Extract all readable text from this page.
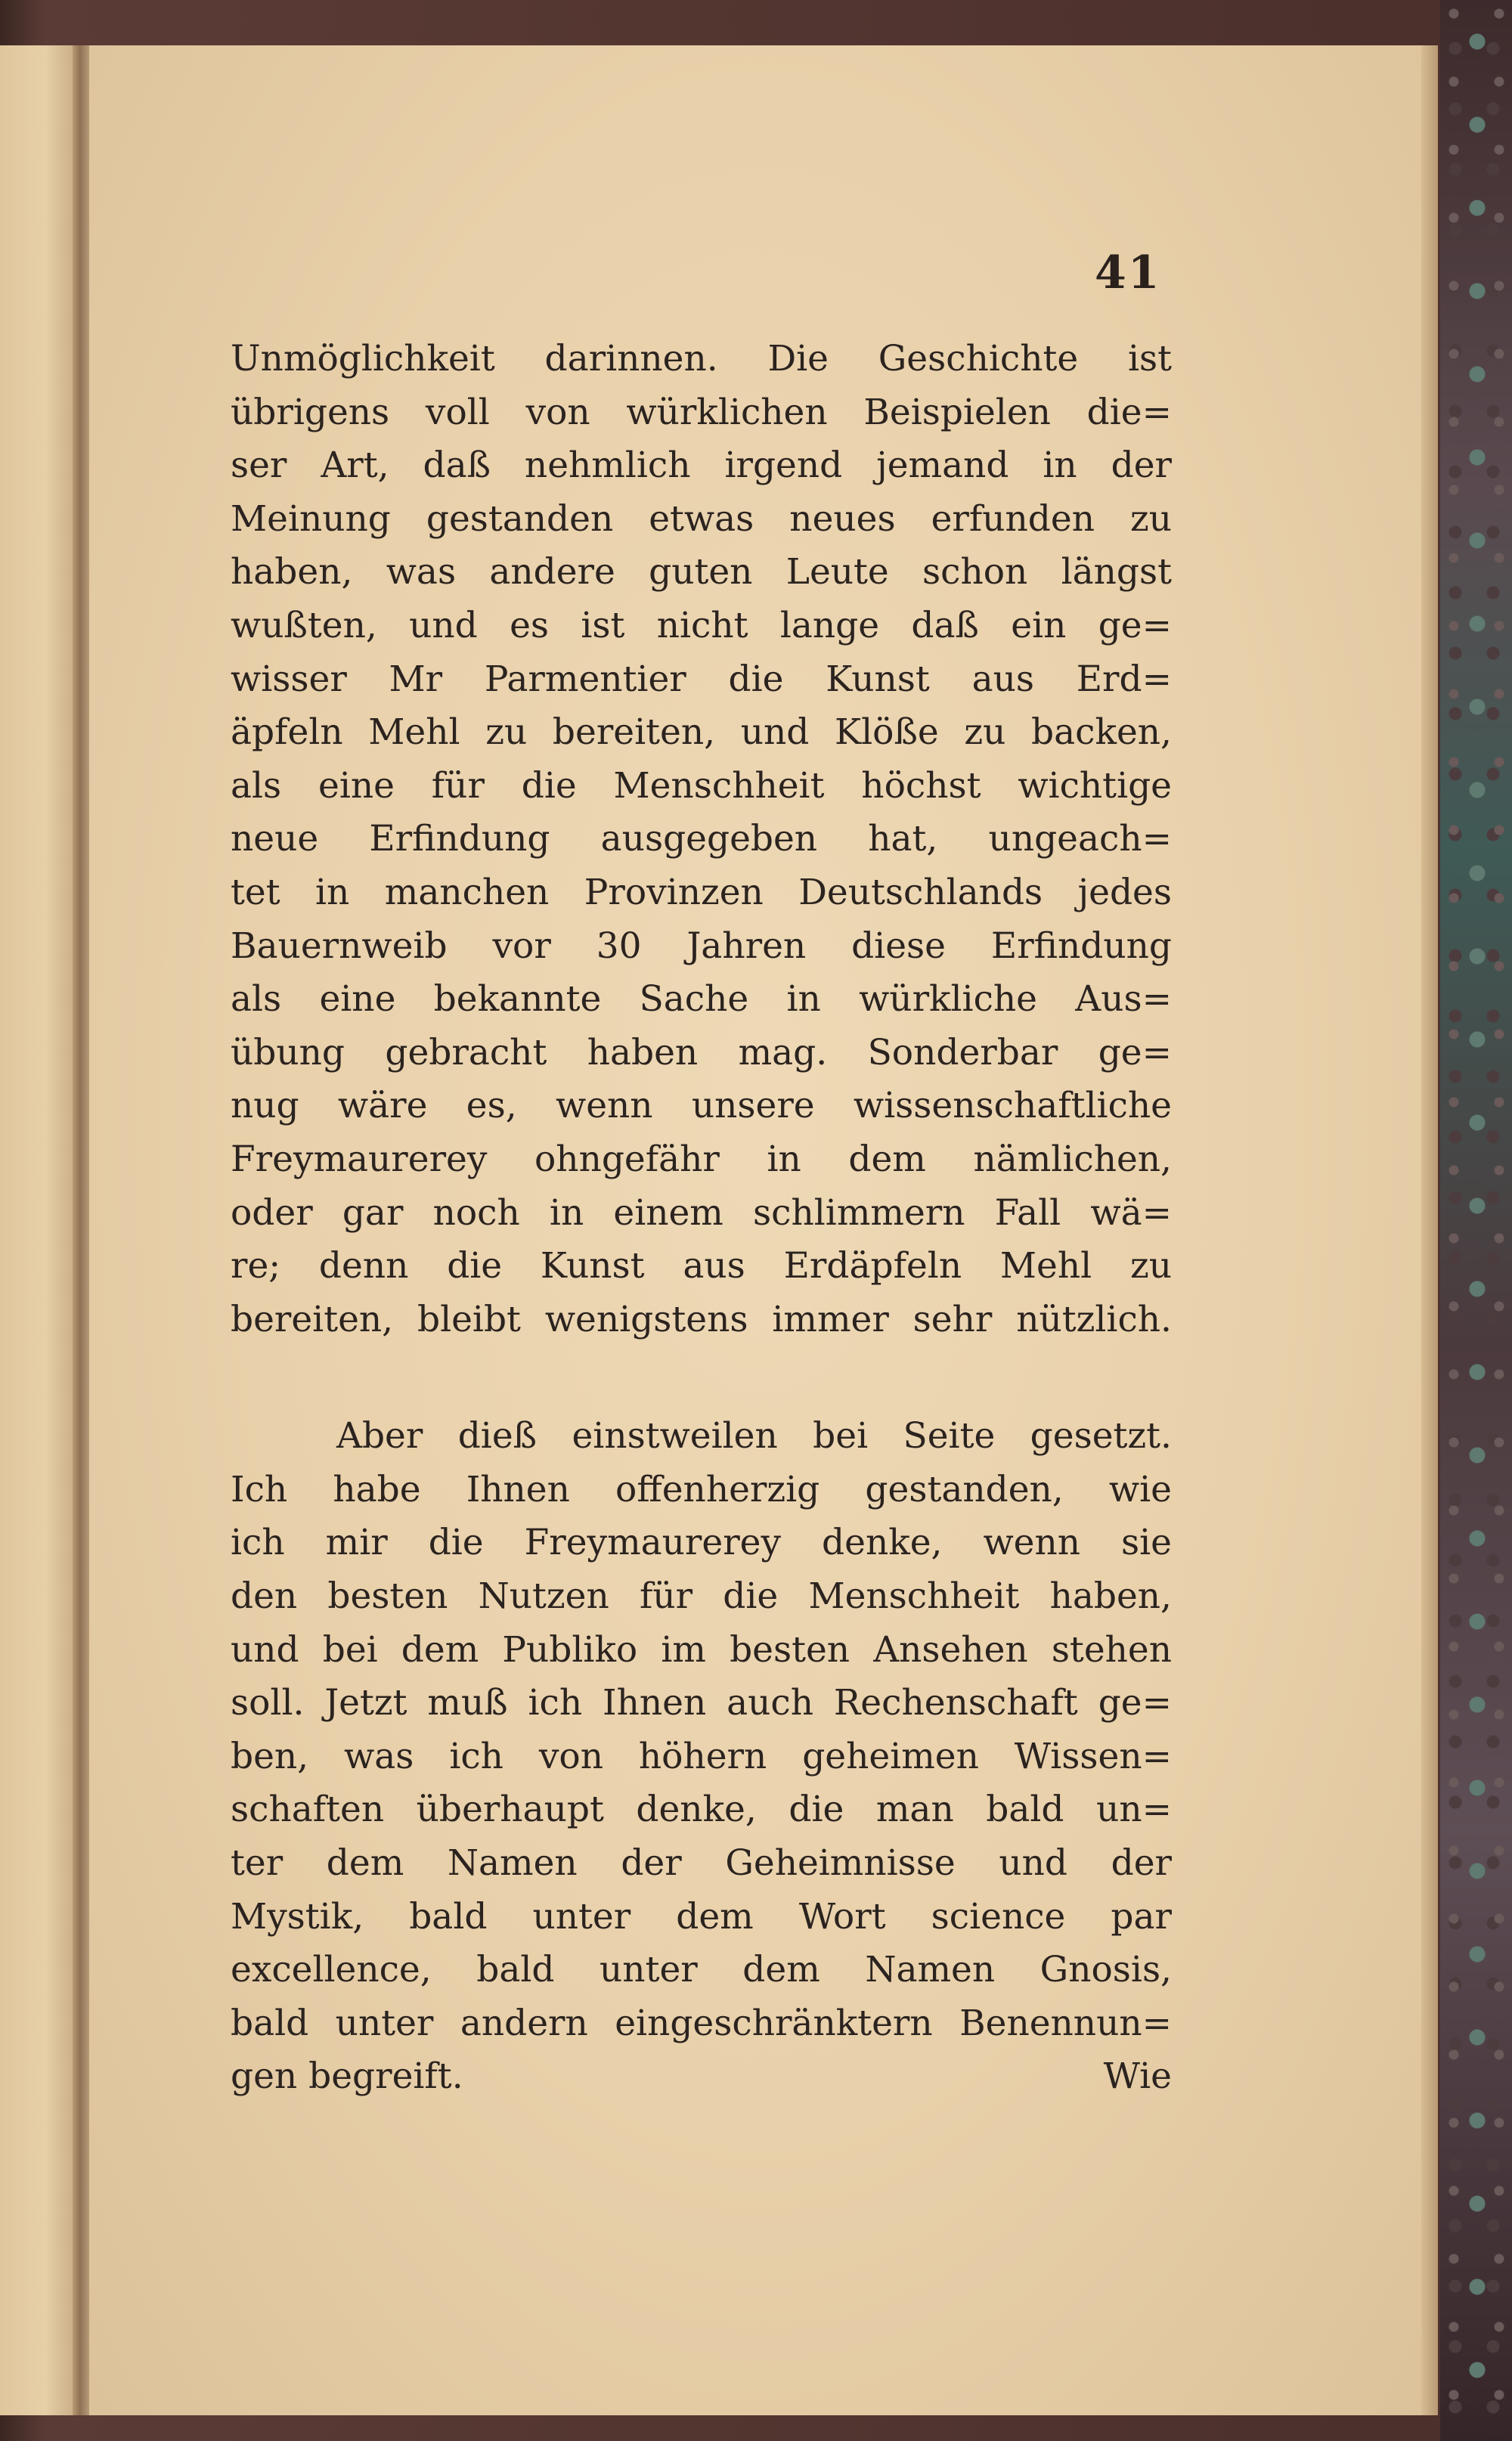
41
Unmöglichkeit darinnen. Die Geschichte ist
übrigens voll von würklichen Beispielen die=
ser Art, daß nehmlich irgend jemand in der
Meinung gestanden etwas neues erfunden zu
haben, was andere guten Leute schon längst
wußten, und es ist nicht lange daß ein ge=
wisser Mr Parmentier die Kunst aus Erd=
äpfeln Mehl zu bereiten, und Klöße zu backen,
als eine für die Menschheit höchst wichtige
neue Erfindung ausgegeben hat, ungeach=
tet in manchen Provinzen Deutschlands jedes
Bauernweib vor 30 Jahren diese Erfindung
als eine bekannte Sache in würkliche Aus=
übung gebracht haben mag. Sonderbar ge=
nug wäre es, wenn unsere wissenschaftliche
Freymaurerey ohngefähr in dem nämlichen,
oder gar noch in einem schlimmern Fall wä=
re; denn die Kunst aus Erdäpfeln Mehl zu
bereiten, bleibt wenigstens immer sehr nützlich.
Aber dieß einstweilen bei Seite gesetzt.
Ich habe Ihnen offenherzig gestanden, wie
ich mir die Freymaurerey denke, wenn sie
den besten Nutzen für die Menschheit haben,
und bei dem Publiko im besten Ansehen stehen
soll. Jetzt muß ich Ihnen auch Rechenschaft ge=
ben, was ich von höhern geheimen Wissen=
schaften überhaupt denke, die man bald un=
ter dem Namen der Geheimnisse und der
Mystik, bald unter dem Wort science par
excellence, bald unter dem Namen Gnosis,
bald unter andern eingeschränktern Benennun=
gen begreift.	Wie
